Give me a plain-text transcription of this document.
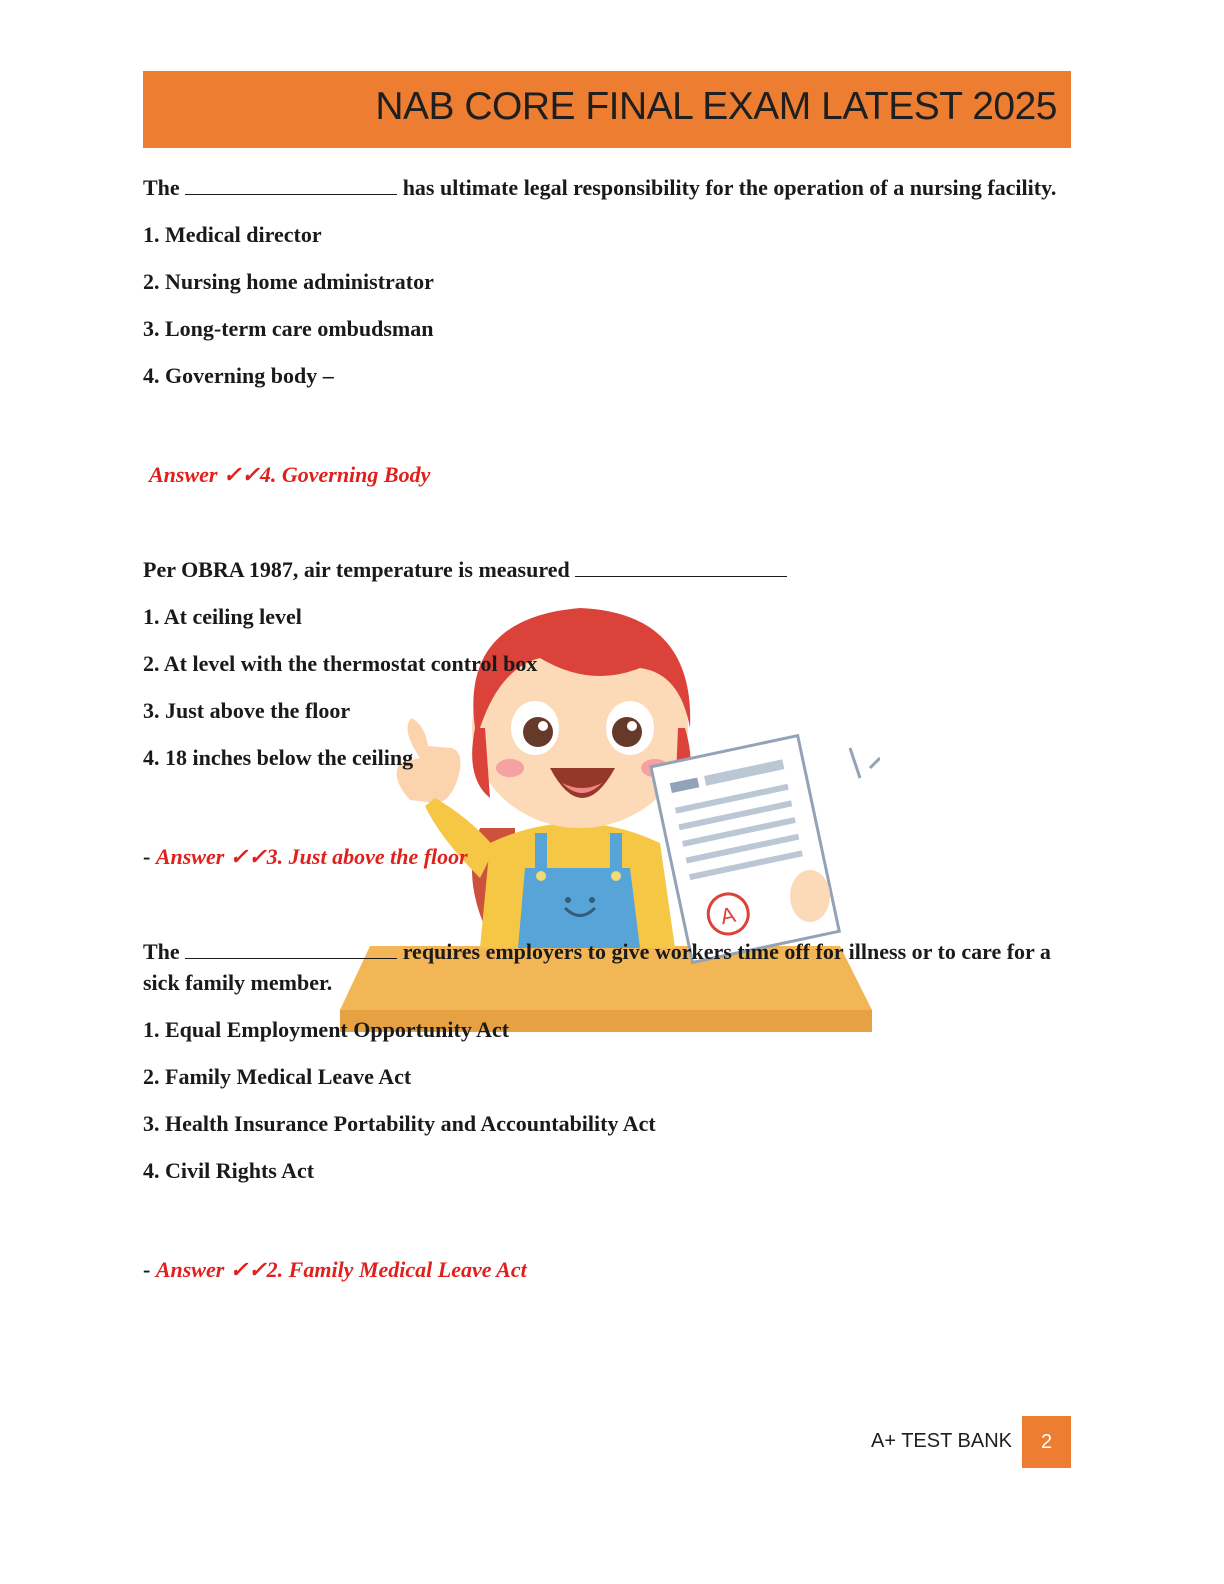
NAB CORE FINAL EXAM LATEST 2025
A

The	has ultimate legal responsibility for the operation of a nursing facility.

1. Medical director

2. Nursing home administrator

3. Long-term care ombudsman

4. Governing body –

Answer ✓✓4. Governing Body

Per OBRA 1987, air temperature is measured

1. At ceiling level

2. At level with the thermostat control box

3. Just above the floor

4. 18 inches below the ceiling

- Answer ✓✓3. Just above the floor

The	requires employers to give workers time off for illness or to care for a sick family member.

1. Equal Employment Opportunity Act

2. Family Medical Leave Act

3. Health Insurance Portability and Accountability Act

4. Civil Rights Act

- Answer ✓✓2. Family Medical Leave Act

A+ TEST BANK	2
